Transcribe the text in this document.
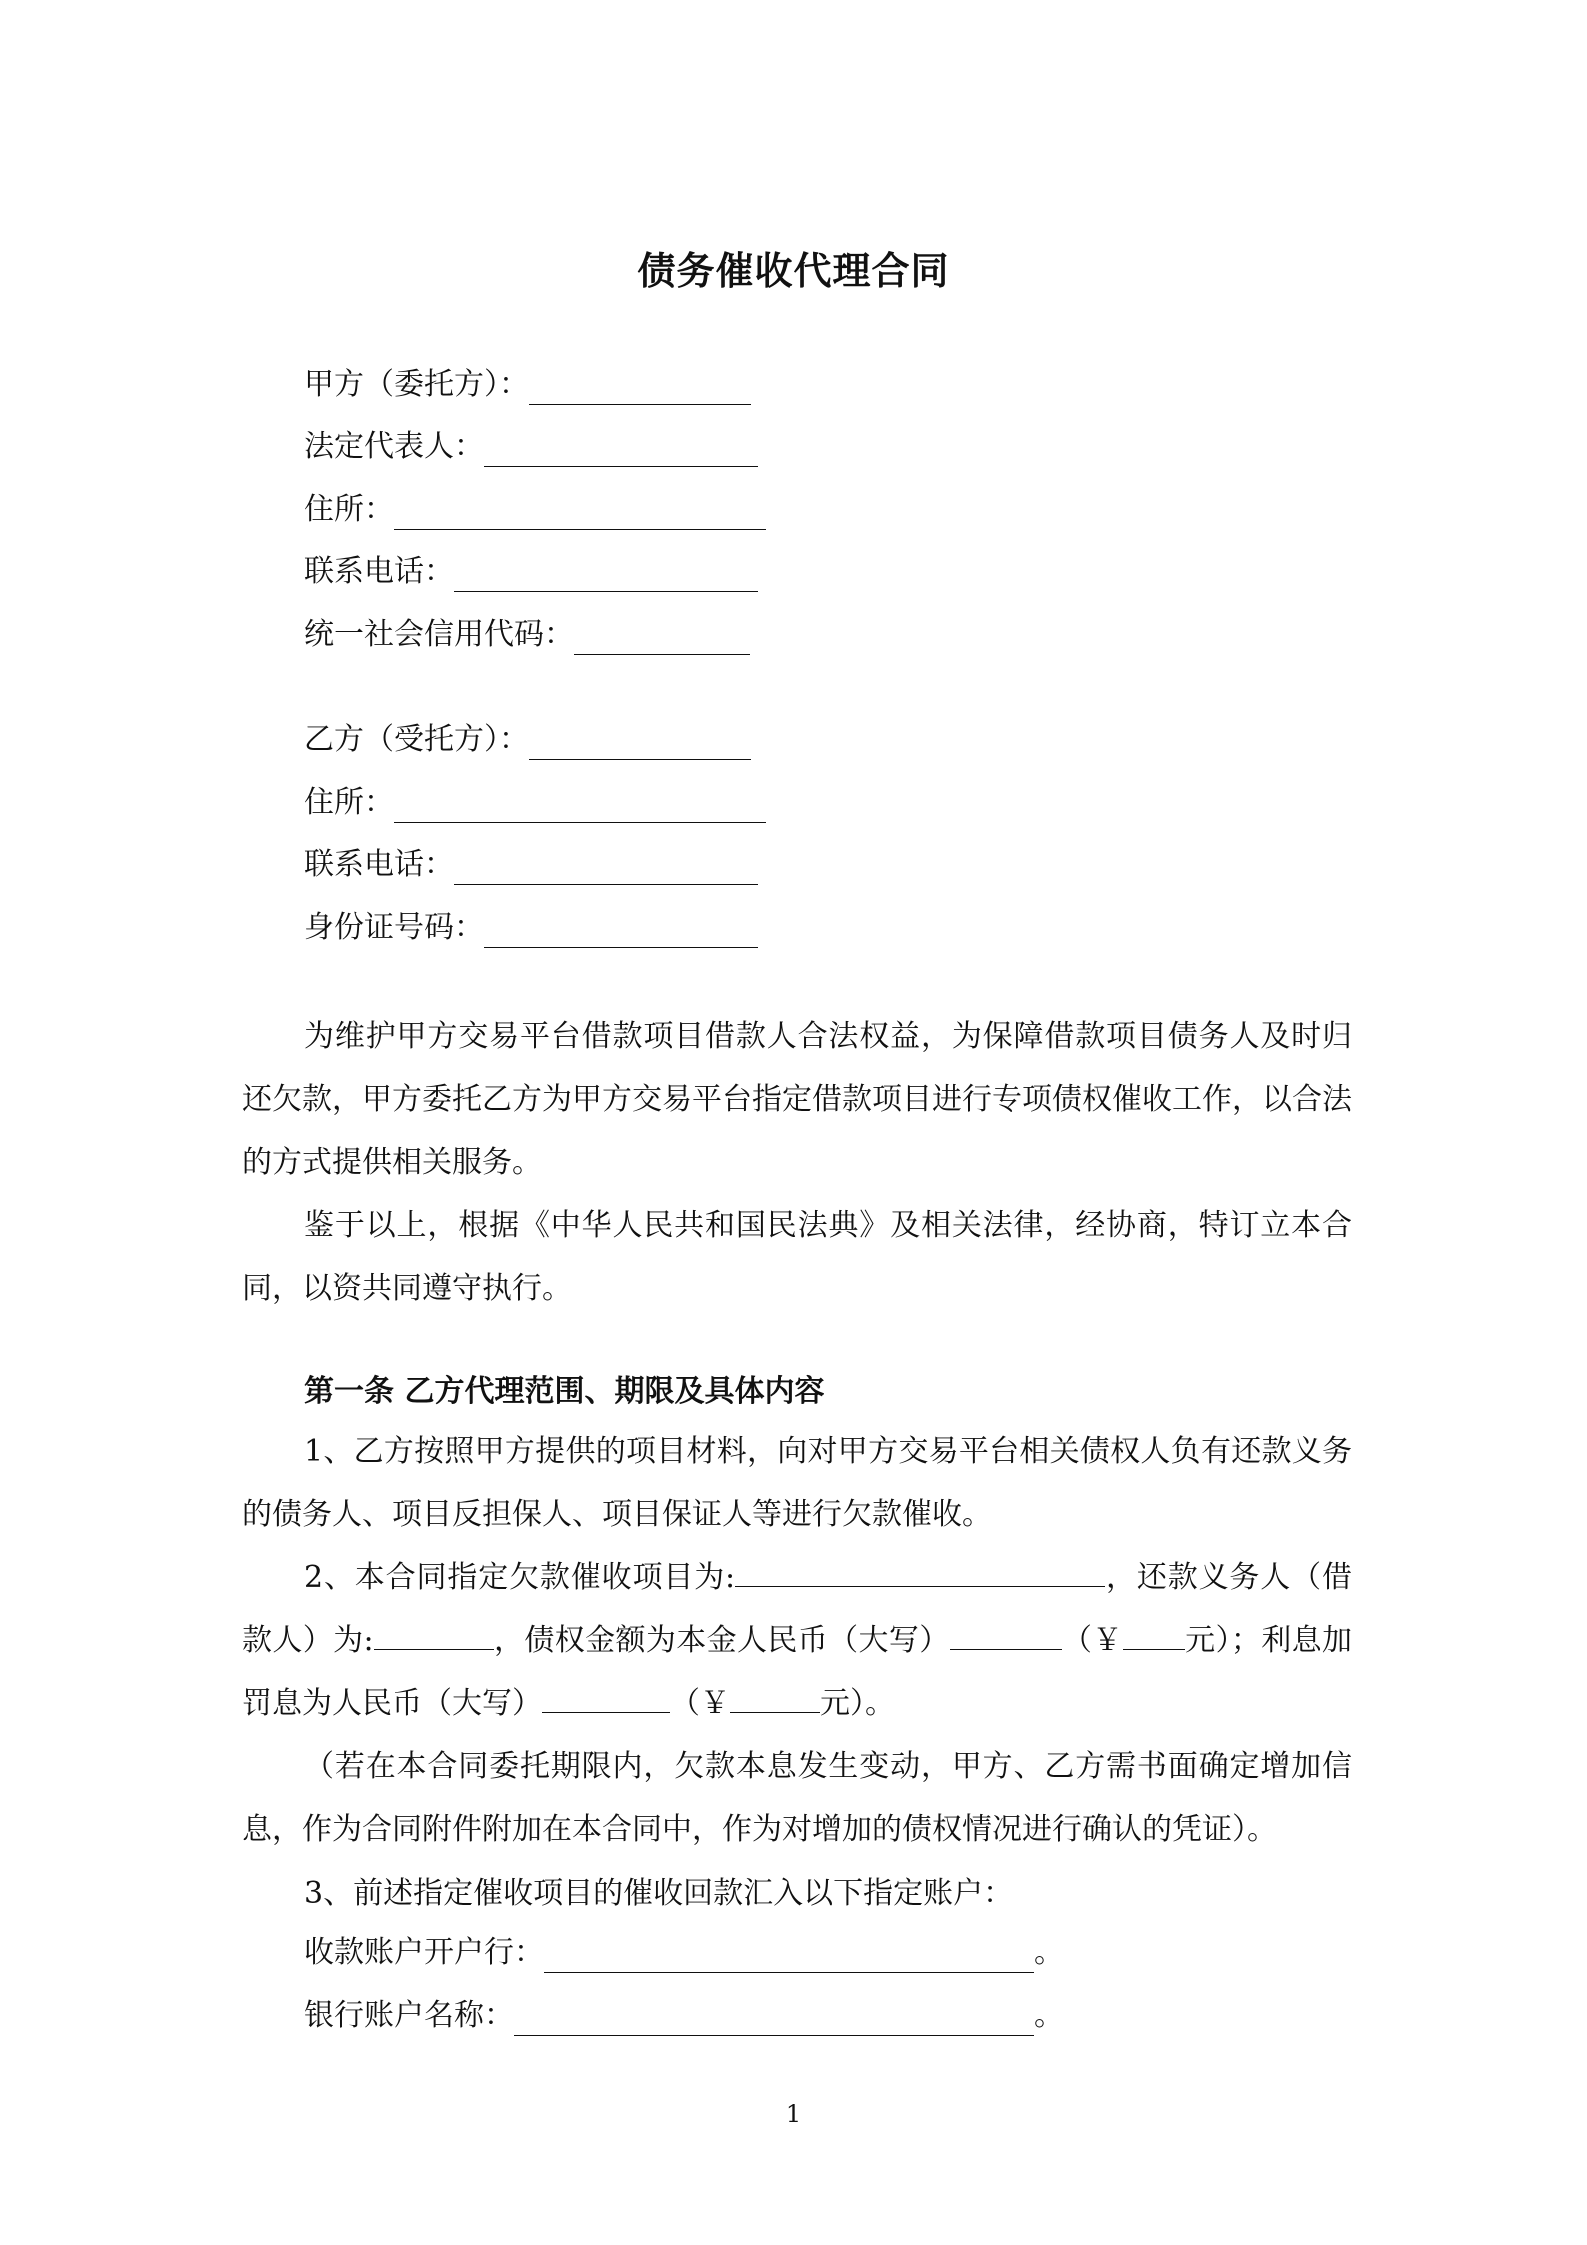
债务催收代理合同
甲方（委托方）：
法定代表人：
住所：
联系电话：
统一社会信用代码：
乙方（受托方）：
住所：
联系电话：
身份证号码：

为维护甲方交易平台借款项目借款人合法权益，为保障借款项目债务人及时归还欠款，甲方委托乙方为甲方交易平台指定借款项目进行专项债权催收工作，以合法的方式提供相关服务。

鉴于以上，根据《中华人民共和国民法典》及相关法律，经协商，特订立本合同，以资共同遵守执行。

第一条 乙方代理范围、期限及具体内容

1、乙方按照甲方提供的项目材料，向对甲方交易平台相关债权人负有还款义务的债务人、项目反担保人、项目保证人等进行欠款催收。

2、本合同指定欠款催收项目为:	，还款义务人（借款人）为:	，债权金额为本金人民币（大写）	（￥ 元）；利息加罚息为人民币（大写）	（￥	元）。

（若在本合同委托期限内，欠款本息发生变动，甲方、乙方需书面确定增加信息，作为合同附件附加在本合同中，作为对增加的债权情况进行确认的凭证）。

3、前述指定催收项目的催收回款汇入以下指定账户：

收款账户开户行：	。
银行账户名称：	。

1
